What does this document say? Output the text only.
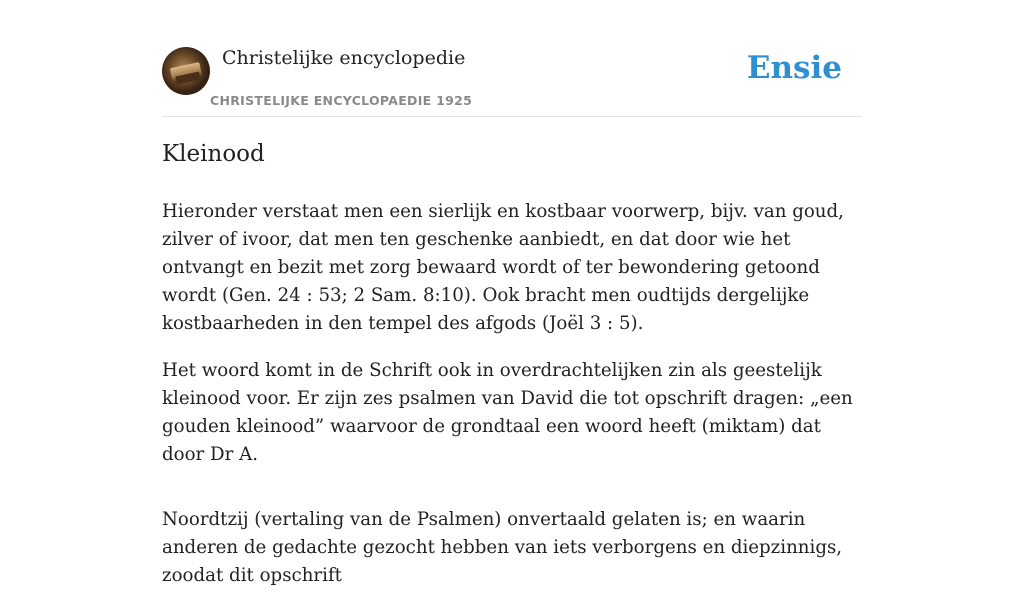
Christelijke encyclopedie
CHRISTELIJKE ENCYCLOPAEDIE 1925
Ensie
Kleinood

Hieronder verstaat men een sierlijk en kostbaar voorwerp, bijv. van goud, zilver of ivoor, dat men ten geschenke aanbiedt, en dat door wie het ontvangt en bezit met zorg bewaard wordt of ter bewondering getoond wordt (Gen. 24 : 53; 2 Sam. 8:10). Ook bracht men oudtijds dergelijke kostbaarheden in den tempel des afgods (Joël 3 : 5).

Het woord komt in de Schrift ook in overdrachtelijken zin als geestelijk kleinood voor. Er zijn zes psalmen van David die tot opschrift dragen: „een gouden kleinood” waarvoor de grondtaal een woord heeft (miktam) dat door Dr A.

Noordtzij (vertaling van de Psalmen) onvertaald gelaten is; en waarin anderen de gedachte gezocht hebben van iets verborgens en diepzinnigs, zoodat dit opschrift
